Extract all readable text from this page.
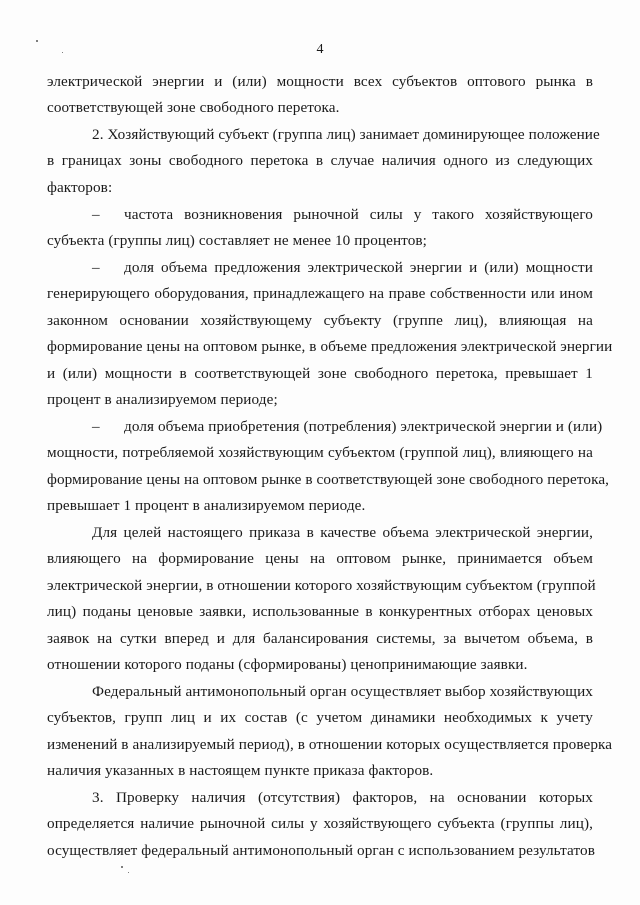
4
электрической энергии и (или) мощности всех субъектов оптового рынка в
соответствующей зоне свободного перетока.
2. Хозяйствующий субъект (группа лиц) занимает доминирующее положение
в границах зоны свободного перетока в случае наличия одного из следующих
факторов:
– частота возникновения рыночной силы у такого хозяйствующего
субъекта (группы лиц) составляет не менее 10 процентов;
– доля объема предложения электрической энергии и (или) мощности
генерирующего оборудования, принадлежащего на праве собственности или ином
законном основании хозяйствующему субъекту (группе лиц), влияющая на
формирование цены на оптовом рынке, в объеме предложения электрической энергии
и (или) мощности в соответствующей зоне свободного перетока, превышает 1
процент в анализируемом периоде;
– доля объема приобретения (потребления) электрической энергии и (или)
мощности, потребляемой хозяйствующим субъектом (группой лиц), влияющего на
формирование цены на оптовом рынке в соответствующей зоне свободного перетока,
превышает 1 процент в анализируемом периоде.
Для целей настоящего приказа в качестве объема электрической энергии,
влияющего на формирование цены на оптовом рынке, принимается объем
электрической энергии, в отношении которого хозяйствующим субъектом (группой
лиц) поданы ценовые заявки, использованные в конкурентных отборах ценовых
заявок на сутки вперед и для балансирования системы, за вычетом объема, в
отношении которого поданы (сформированы) ценопринимающие заявки.
Федеральный антимонопольный орган осуществляет выбор хозяйствующих
субъектов, групп лиц и их состав (с учетом динамики необходимых к учету
изменений в анализируемый период), в отношении которых осуществляется проверка
наличия указанных в настоящем пункте приказа факторов.
3. Проверку наличия (отсутствия) факторов, на основании которых
определяется наличие рыночной силы у хозяйствующего субъекта (группы лиц),
осуществляет федеральный антимонопольный орган с использованием результатов
